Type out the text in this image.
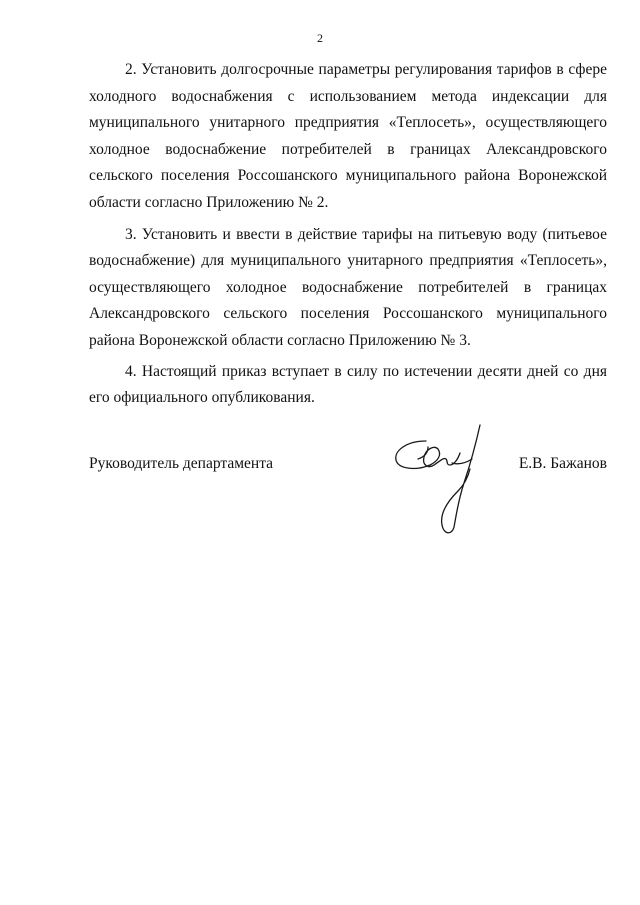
2

2. Установить долгосрочные параметры регулирования тарифов в сфере холодного водоснабжения с использованием метода индексации для муниципального унитарного предприятия «Теплосеть», осуществляющего холодное водоснабжение потребителей в границах Александровского сельского поселения Россошанского муниципального района Воронежской области согласно Приложению № 2.

3. Установить и ввести в действие тарифы на питьевую воду (питьевое водоснабжение) для муниципального унитарного предприятия «Теплосеть», осуществляющего холодное водоснабжение потребителей в границах Александровского сельского поселения Россошанского муниципального района Воронежской области согласно Приложению № 3.

4. Настоящий приказ вступает в силу по истечении десяти дней со дня его официального опубликования.

Руководитель департамента	Е.В. Бажанов
